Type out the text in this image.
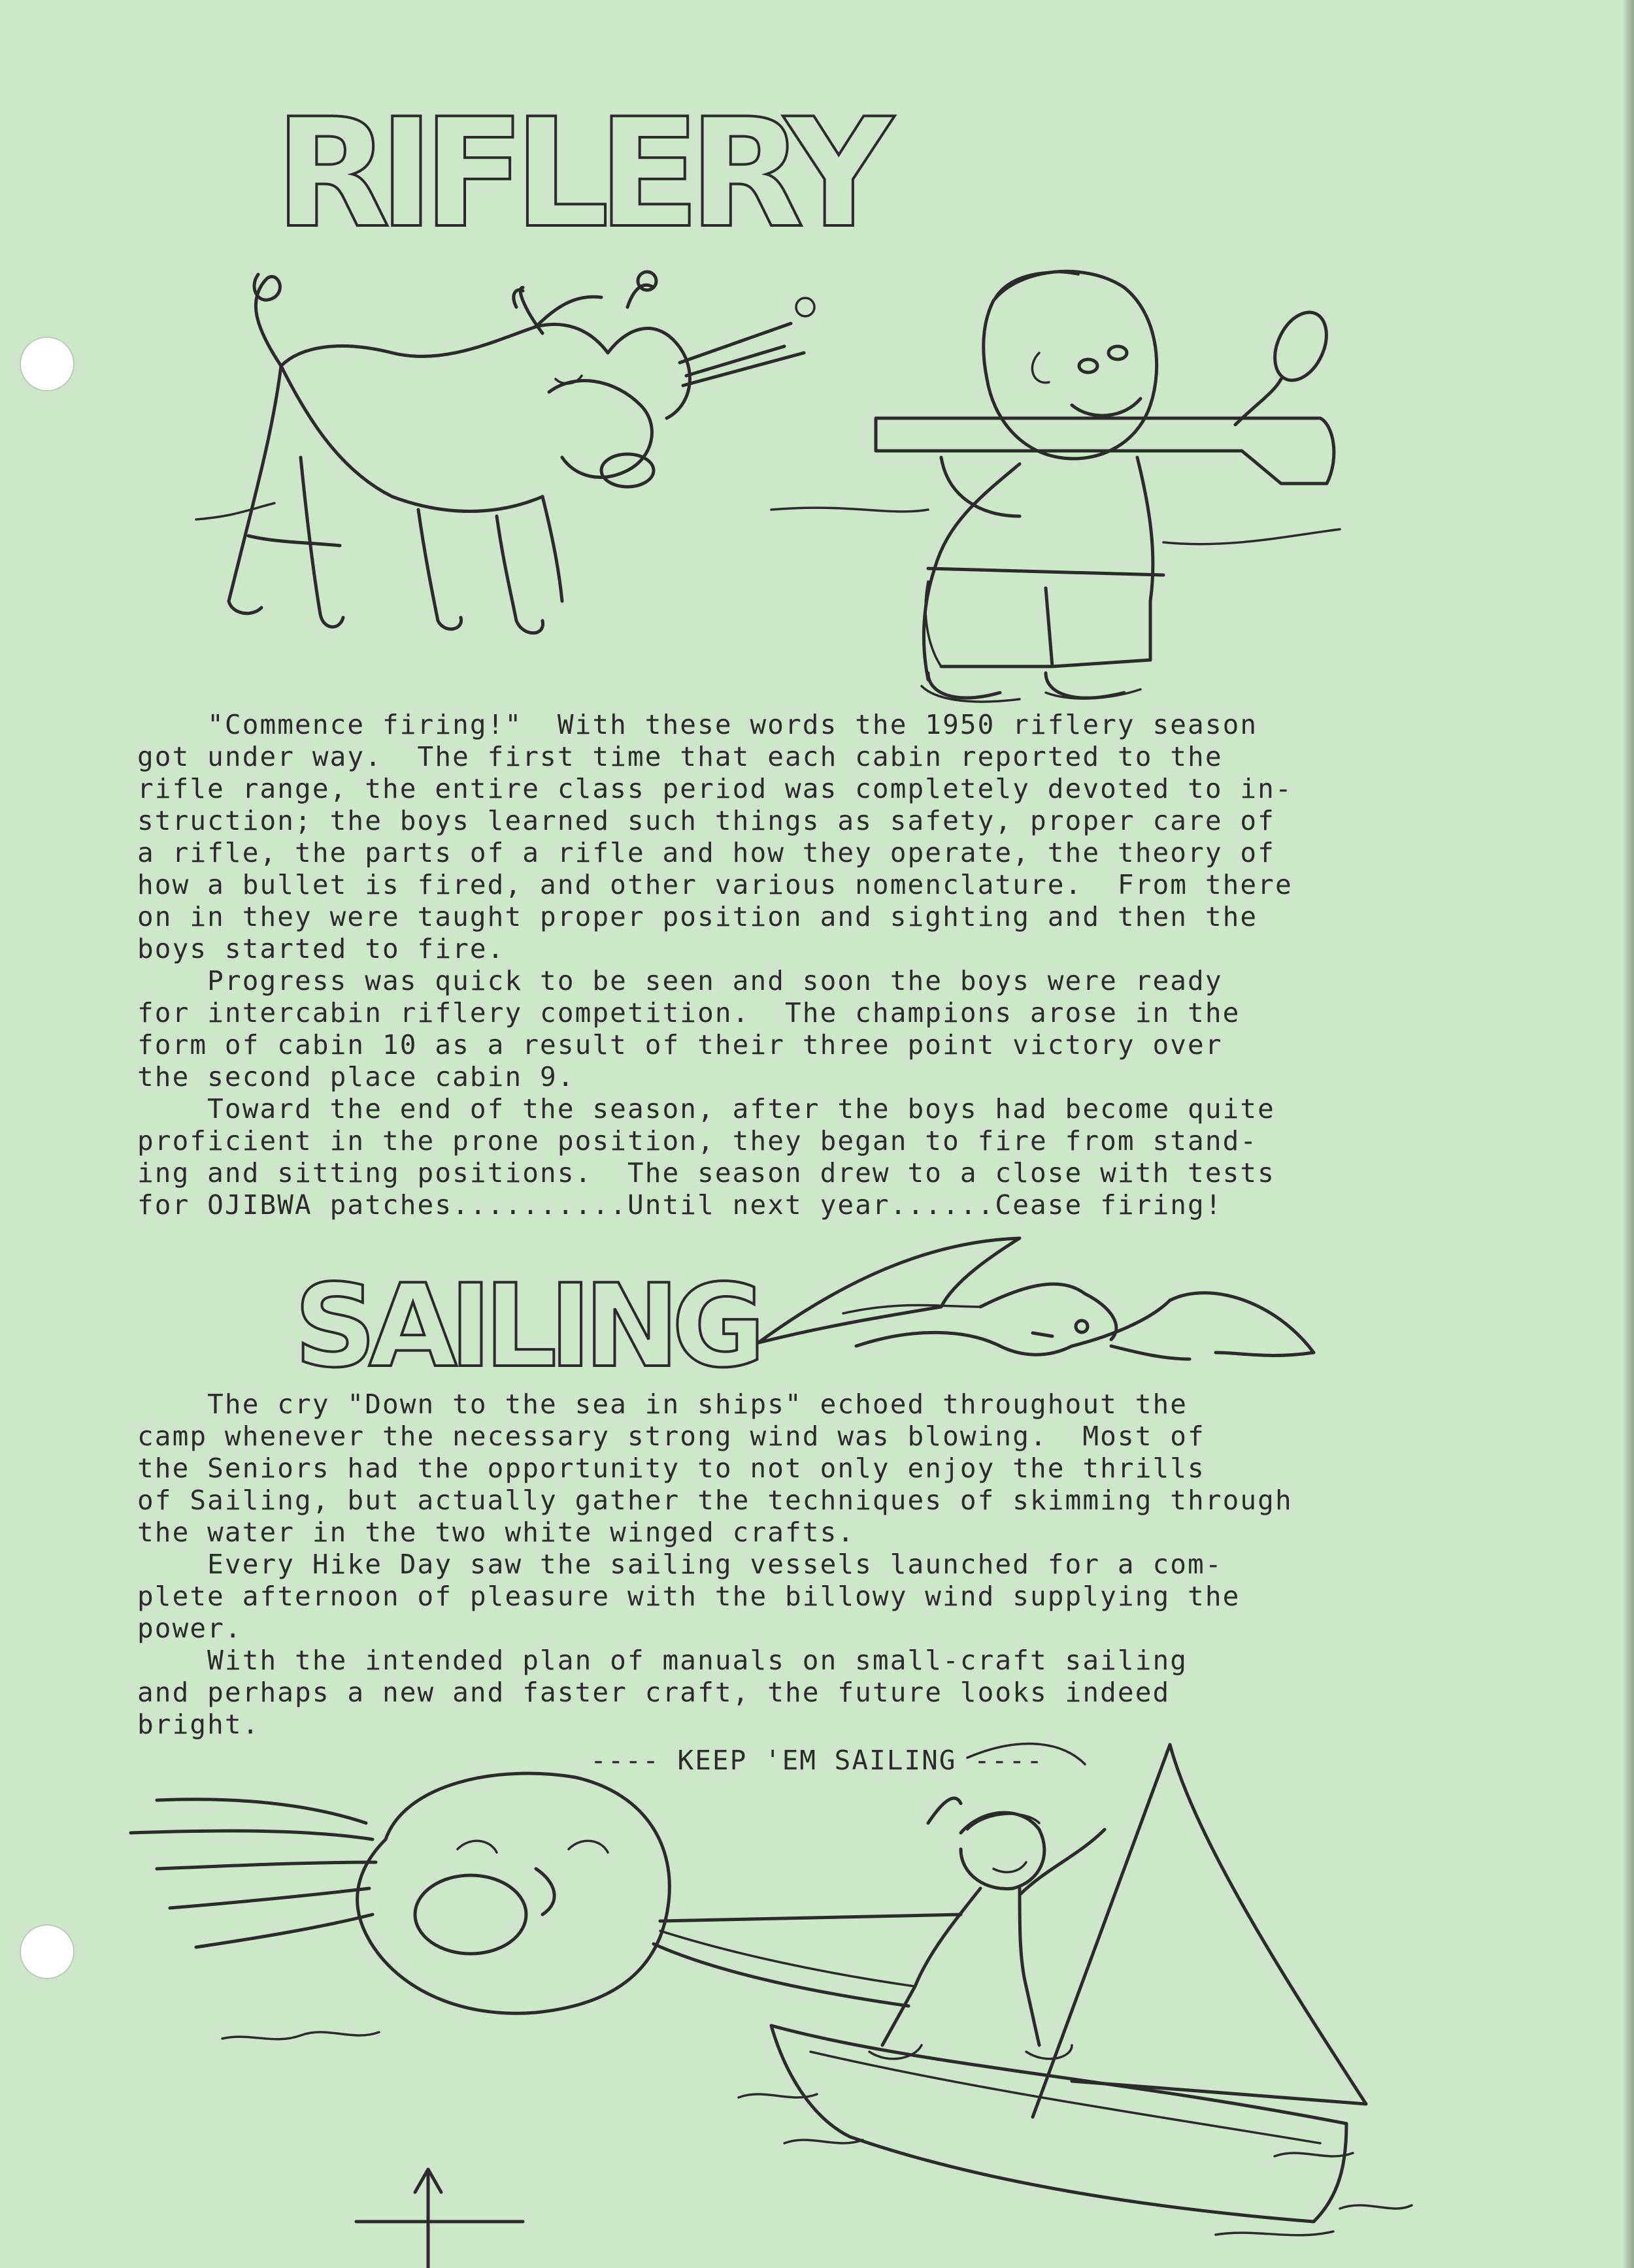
RIFLERY
POP! BANG!
SAILING
N
W	E

"Commence firing!"  With these words the 1950 riflery season

got under way.  The first time that each cabin reported to the

rifle range, the entire class period was completely devoted to in-

struction; the boys learned such things as safety, proper care of

a rifle, the parts of a rifle and how they operate, the theory of

how a bullet is fired, and other various nomenclature.  From there

on in they were taught proper position and sighting and then the

boys started to fire.

Progress was quick to be seen and soon the boys were ready

for intercabin riflery competition.  The champions arose in the

form of cabin 10 as a result of their three point victory over

the second place cabin 9.

Toward the end of the season, after the boys had become quite

proficient in the prone position, they began to fire from stand-

ing and sitting positions.  The season drew to a close with tests

for OJIBWA patches..........Until next year......Cease firing!

The cry "Down to the sea in ships" echoed throughout the

camp whenever the necessary strong wind was blowing.  Most of

the Seniors had the opportunity to not only enjoy the thrills

of Sailing, but actually gather the techniques of skimming through

the water in the two white winged crafts.

Every Hike Day saw the sailing vessels launched for a com-

plete afternoon of pleasure with the billowy wind supplying the

power.

With the intended plan of manuals on small-craft sailing

and perhaps a new and faster craft, the future looks indeed

bright.

---- KEEP 'EM SAILING ----
